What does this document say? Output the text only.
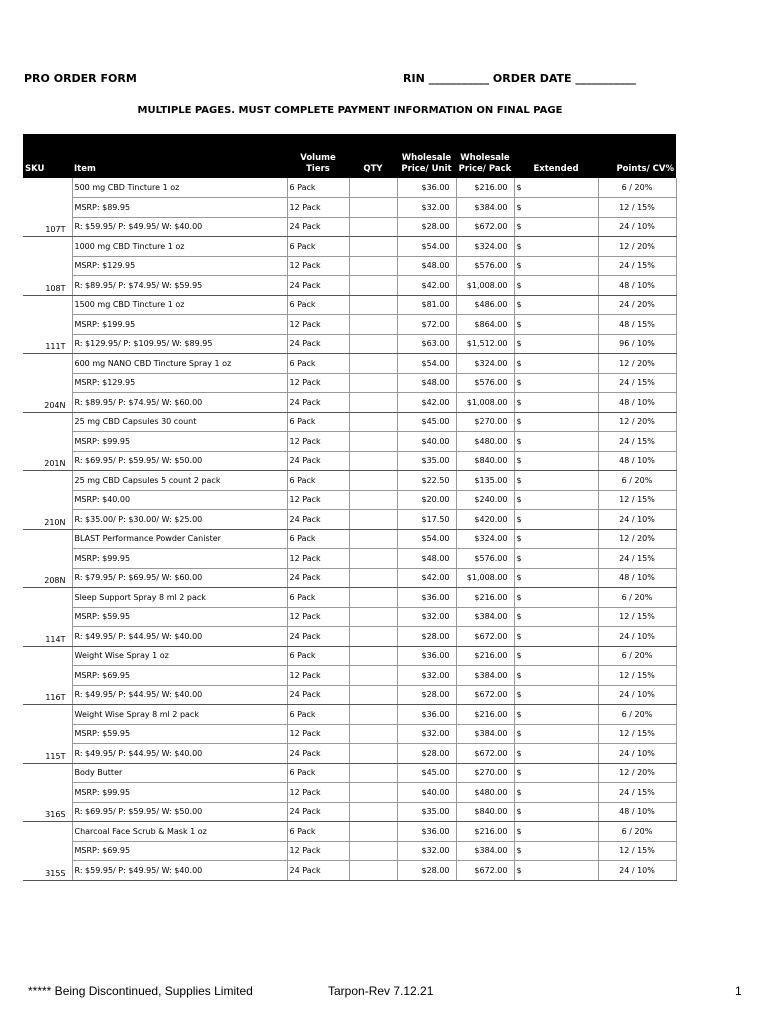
PRO ORDER FORM	RIN ___________ ORDER DATE ___________
MULTIPLE PAGES. MUST COMPLETE PAYMENT INFORMATION ON FINAL PAGE
SKU	Item	Volume Tiers	QTY	Wholesale Price/ Unit	Wholesale Price/ Pack	Extended	Points/ CV%
	500 mg CBD Tincture 1 oz	6 Pack		$36.00	$216.00	$	6 / 20%
	MSRP: $89.95	12 Pack		$32.00	$384.00	$	12 / 15%
107T	R: $59.95/ P: $49.95/ W: $40.00	24 Pack		$28.00	$672.00	$	24 / 10%
	1000 mg CBD Tincture 1 oz	6 Pack		$54.00	$324.00	$	12 / 20%
	MSRP: $129.95	12 Pack		$48.00	$576.00	$	24 / 15%
108T	R: $89.95/ P: $74.95/ W: $59.95	24 Pack		$42.00	$1,008.00	$	48 / 10%
	1500 mg CBD Tincture 1 oz	6 Pack		$81.00	$486.00	$	24 / 20%
	MSRP: $199.95	12 Pack		$72.00	$864.00	$	48 / 15%
111T	R: $129.95/ P: $109.95/ W: $89.95	24 Pack		$63.00	$1,512.00	$	96 / 10%
	600 mg NANO CBD Tincture Spray 1 oz	6 Pack		$54.00	$324.00	$	12 / 20%
	MSRP: $129.95	12 Pack		$48.00	$576.00	$	24 / 15%
204N	R: $89.95/ P: $74.95/ W: $60.00	24 Pack		$42.00	$1,008.00	$	48 / 10%
	25 mg CBD Capsules 30 count	6 Pack		$45.00	$270.00	$	12 / 20%
	MSRP: $99.95	12 Pack		$40.00	$480.00	$	24 / 15%
201N	R: $69.95/ P: $59.95/ W: $50.00	24 Pack		$35.00	$840.00	$	48 / 10%
	25 mg CBD Capsules 5 count 2 pack	6 Pack		$22.50	$135.00	$	6 / 20%
	MSRP: $40.00	12 Pack		$20.00	$240.00	$	12 / 15%
210N	R: $35.00/ P: $30.00/ W: $25.00	24 Pack		$17.50	$420.00	$	24 / 10%
	BLAST Performance Powder Canister	6 Pack		$54.00	$324.00	$	12 / 20%
	MSRP: $99.95	12 Pack		$48.00	$576.00	$	24 / 15%
208N	R: $79.95/ P: $69.95/ W: $60.00	24 Pack		$42.00	$1,008.00	$	48 / 10%
	Sleep Support Spray 8 ml 2 pack	6 Pack		$36.00	$216.00	$	6 / 20%
	MSRP: $59.95	12 Pack		$32.00	$384.00	$	12 / 15%
114T	R: $49.95/ P: $44.95/ W: $40.00	24 Pack		$28.00	$672.00	$	24 / 10%
	Weight Wise Spray 1 oz	6 Pack		$36.00	$216.00	$	6 / 20%
	MSRP: $69.95	12 Pack		$32.00	$384.00	$	12 / 15%
116T	R: $49.95/ P: $44.95/ W: $40.00	24 Pack		$28.00	$672.00	$	24 / 10%
	Weight Wise Spray 8 ml 2 pack	6 Pack		$36.00	$216.00	$	6 / 20%
	MSRP: $59.95	12 Pack		$32.00	$384.00	$	12 / 15%
115T	R: $49.95/ P: $44.95/ W: $40.00	24 Pack		$28.00	$672.00	$	24 / 10%
	Body Butter	6 Pack		$45.00	$270.00	$	12 / 20%
	MSRP: $99.95	12 Pack		$40.00	$480.00	$	24 / 15%
316S	R: $69.95/ P: $59.95/ W: $50.00	24 Pack		$35.00	$840.00	$	48 / 10%
	Charcoal Face Scrub & Mask 1 oz	6 Pack		$36.00	$216.00	$	6 / 20%
	MSRP: $69.95	12 Pack		$32.00	$384.00	$	12 / 15%
315S	R: $59.95/ P: $49.95/ W: $40.00	24 Pack		$28.00	$672.00	$	24 / 10%
***** Being Discontinued, Supplies Limited	Tarpon-Rev 7.12.21	1
